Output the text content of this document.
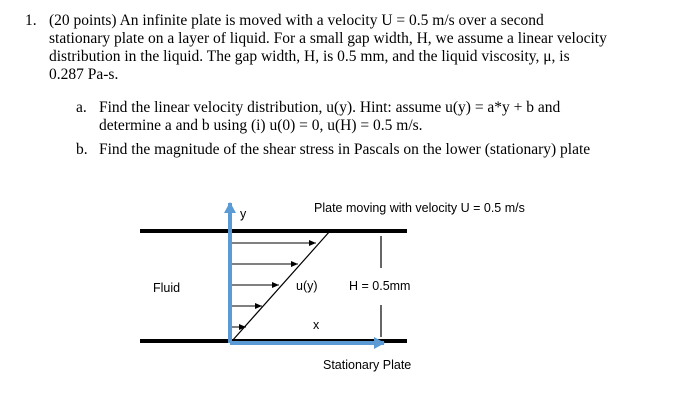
1. (20 points) An infinite plate is moved with a velocity U = 0.5 m/s over a second
stationary plate on a layer of liquid. For a small gap width, H, we assume a linear velocity
distribution in the liquid. The gap width, H, is 0.5 mm, and the liquid viscosity, μ, is
0.287 Pa-s.
a. Find the linear velocity distribution, u(y). Hint: assume u(y) = a*y + b and
determine a and b using (i) u(0) = 0, u(H) = 0.5 m/s.
b. Find the magnitude of the shear stress in Pascals on the lower (stationary) plate
Plate moving with velocity U = 0.5 m/s
y
Fluid	u(y)	H = 0.5mm
x
Stationary Plate
